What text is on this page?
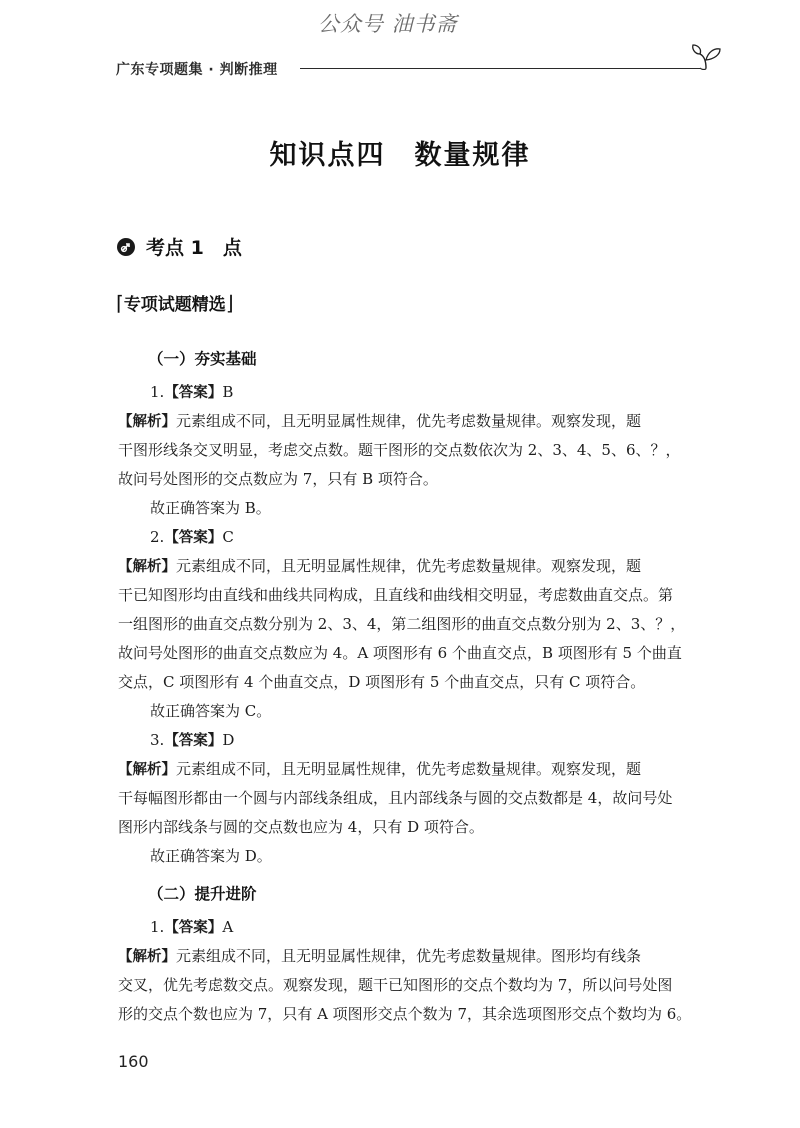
公众号 油书斋
广东专项题集 · 判断推理
知识点四　数量规律
考点 1　点
⌈专项试题精选⌋
（一）夯实基础
1.【答案】B
【解析】元素组成不同，且无明显属性规律，优先考虑数量规律。观察发现，题
干图形线条交叉明显，考虑交点数。题干图形的交点数依次为 2、3、4、5、6、？，
故问号处图形的交点数应为 7，只有 B 项符合。
故正确答案为 B。
2.【答案】C
【解析】元素组成不同，且无明显属性规律，优先考虑数量规律。观察发现，题
干已知图形均由直线和曲线共同构成，且直线和曲线相交明显，考虑数曲直交点。第
一组图形的曲直交点数分别为 2、3、4，第二组图形的曲直交点数分别为 2、3、？，
故问号处图形的曲直交点数应为 4。A 项图形有 6 个曲直交点，B 项图形有 5 个曲直
交点，C 项图形有 4 个曲直交点，D 项图形有 5 个曲直交点，只有 C 项符合。
故正确答案为 C。
3.【答案】D
【解析】元素组成不同，且无明显属性规律，优先考虑数量规律。观察发现，题
干每幅图形都由一个圆与内部线条组成，且内部线条与圆的交点数都是 4，故问号处
图形内部线条与圆的交点数也应为 4，只有 D 项符合。
故正确答案为 D。
（二）提升进阶
1.【答案】A
【解析】元素组成不同，且无明显属性规律，优先考虑数量规律。图形均有线条
交叉，优先考虑数交点。观察发现，题干已知图形的交点个数均为 7，所以问号处图
形的交点个数也应为 7，只有 A 项图形交点个数为 7，其余选项图形交点个数均为 6。
160
